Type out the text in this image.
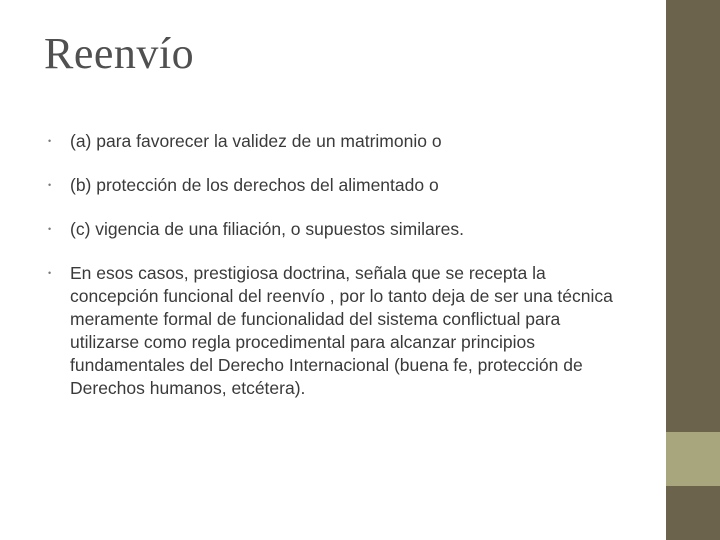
Reenvío
• (a) para favorecer la validez de un matrimonio o
• (b) protección de los derechos del alimentado o
• (c) vigencia de una filiación, o supuestos similares.
• En esos casos, prestigiosa doctrina, señala que se recepta la concepción funcional del reenvío , por lo tanto deja de ser una técnica meramente formal de funcionalidad del sistema conflictual para utilizarse como regla procedimental para alcanzar principios fundamentales del Derecho Internacional (buena fe, protección de Derechos humanos, etcétera).
